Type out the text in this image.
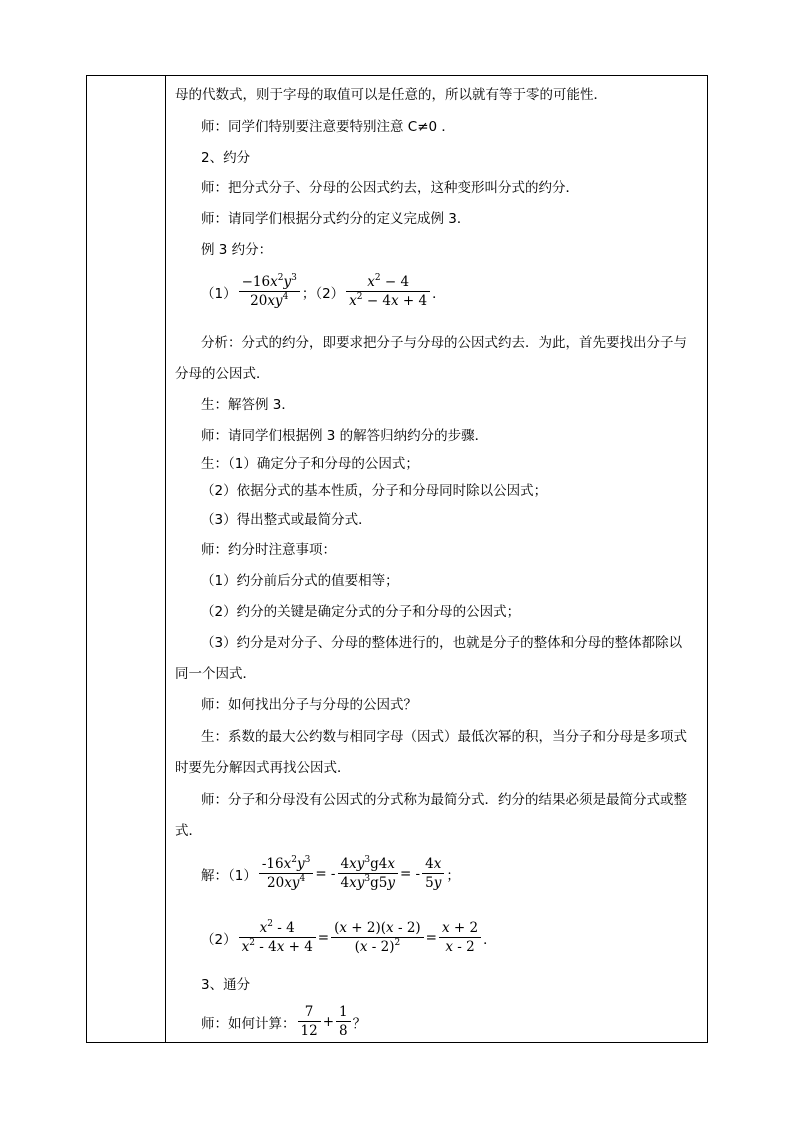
母的代数式，则于字母的取值可以是任意的，所以就有等于零的可能性．
师：同学们特别要注意要特别注意 C≠0 ．
2、约分
师：把分式分子、分母的公因式约去，这种变形叫分式的约分．
师：请同学们根据分式约分的定义完成例 3．
例 3 约分：
$(1) \frac{-16x^2y^3}{20xy^4}$ ；$(2) \frac{x^2 - 4}{x^2 - 4x + 4}$ ．
分析：分式的约分，即要求把分子与分母的公因式约去．为此，首先要找出分子与
分母的公因式．
生：解答例 3．
师：请同学们根据例 3 的解答归纳约分的步骤．
生：（1）确定分子和分母的公因式；
（2）依据分式的基本性质，分子和分母同时除以公因式；
（3）得出整式或最简分式．
师：约分时注意事项：
（1）约分前后分式的值要相等；
（2）约分的关键是确定分式的分子和分母的公因式；
（3）约分是对分子、分母的整体进行的，也就是分子的整体和分母的整体都除以
同一个因式．
师：如何找出分子与分母的公因式？
生：系数的最大公约数与相同字母（因式）最低次幂的积，当分子和分母是多项式
时要先分解因式再找公因式．
师：分子和分母没有公因式的分式称为最简分式．约分的结果必须是最简分式或整
式．
解：$(1) \frac{-16x^2y^3}{20xy^4}$ = - $\frac{4xy^3g4x}{4xy^3g5y}$ = - $\frac{4x}{5y}$ ；
$(2) \frac{x^2 - 4}{x^2 - 4x + 4} = \frac{(x + 2)(x - 2)}{(x - 2)^2} = \frac{x + 2}{x - 2}$ ．
3、通分
师：如何计算： $\frac{7}{12} + \frac{1}{8}$ ？
